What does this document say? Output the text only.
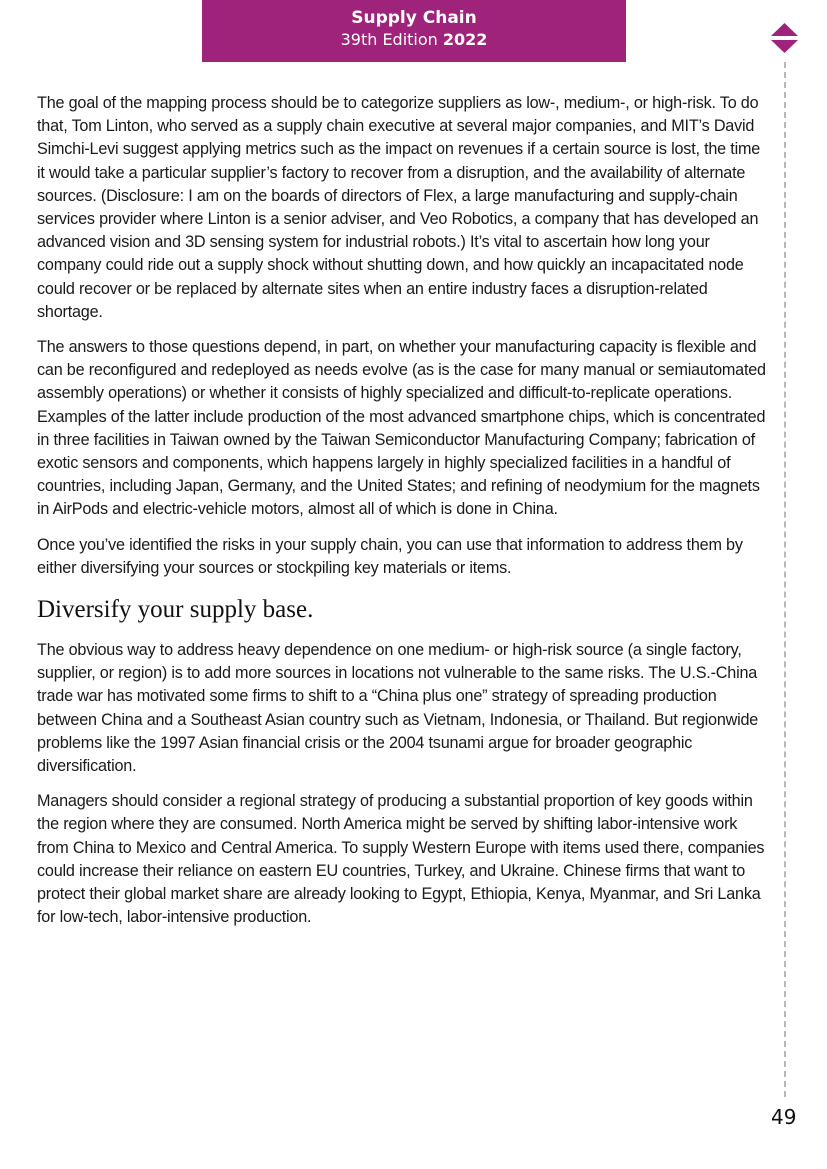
Supply Chain
39th Edition 2022

The goal of the mapping process should be to categorize suppliers as low-, medium-, or high-risk. To do that, Tom Linton, who served as a supply chain executive at several major companies, and MIT’s David Simchi-Levi suggest applying metrics such as the impact on revenues if a certain source is lost, the time it would take a particular supplier’s factory to recover from a disruption, and the availability of alternate sources. (Disclosure: I am on the boards of directors of Flex, a large manufacturing and supply-chain services provider where Linton is a senior adviser, and Veo Robotics, a company that has developed an advanced vision and 3D sensing system for industrial robots.) It’s vital to ascertain how long your company could ride out a supply shock without shutting down, and how quickly an incapacitated node could recover or be replaced by alternate sites when an entire industry faces a disruption-related shortage.

The answers to those questions depend, in part, on whether your manufacturing capacity is flexible and can be reconfigured and redeployed as needs evolve (as is the case for many manual or semiautomated assembly operations) or whether it consists of highly specialized and difficult-to-replicate operations. Examples of the latter include production of the most advanced smartphone chips, which is concentrated in three facilities in Taiwan owned by the Taiwan Semiconductor Manufacturing Company; fabrication of exotic sensors and components, which happens largely in highly specialized facilities in a handful of countries, including Japan, Germany, and the United States; and refining of neodymium for the magnets in AirPods and electric-vehicle motors, almost all of which is done in China.

Once you’ve identified the risks in your supply chain, you can use that information to address them by either diversifying your sources or stockpiling key materials or items.

Diversify your supply base.

The obvious way to address heavy dependence on one medium- or high-risk source (a single factory, supplier, or region) is to add more sources in locations not vulnerable to the same risks. The U.S.-China trade war has motivated some firms to shift to a “China plus one” strategy of spreading production between China and a Southeast Asian country such as Vietnam, Indonesia, or Thailand. But regionwide problems like the 1997 Asian financial crisis or the 2004 tsunami argue for broader geographic diversification.

Managers should consider a regional strategy of producing a substantial proportion of key goods within the region where they are consumed. North America might be served by shifting labor-intensive work from China to Mexico and Central America. To supply Western Europe with items used there, companies could increase their reliance on eastern EU countries, Turkey, and Ukraine. Chinese firms that want to protect their global market share are already looking to Egypt, Ethiopia, Kenya, Myanmar, and Sri Lanka for low-tech, labor-intensive production.

49
